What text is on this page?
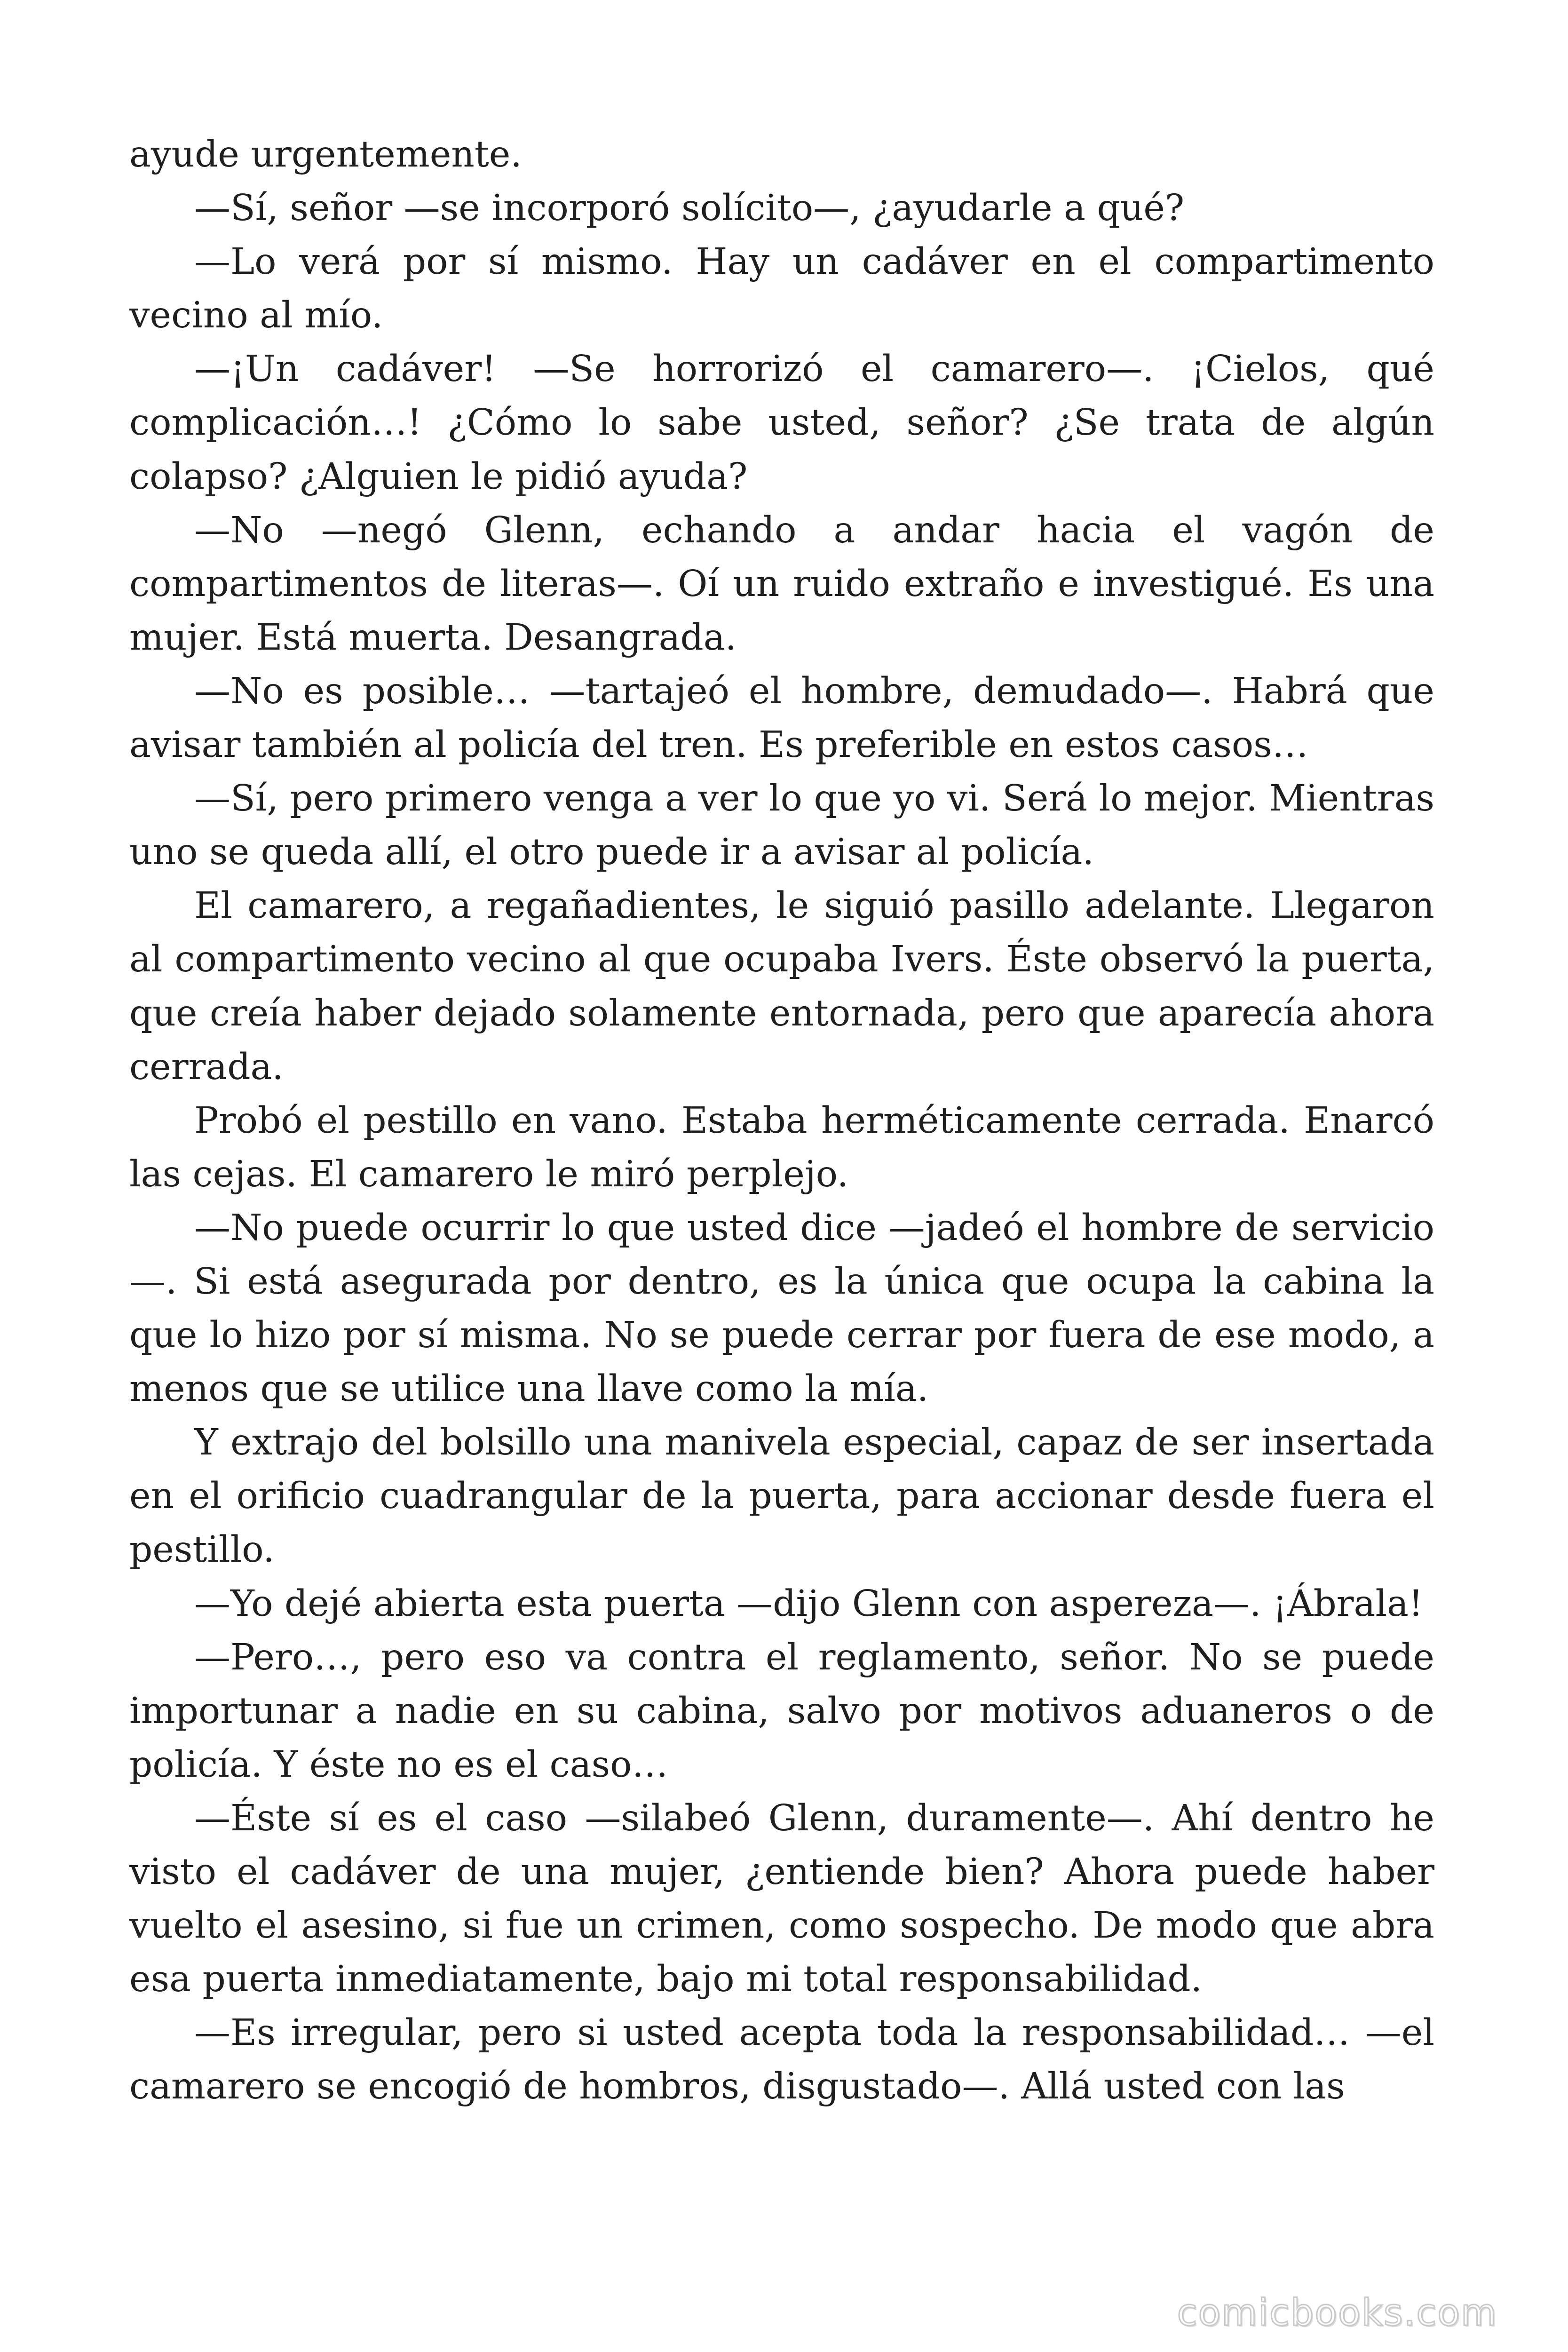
ayude urgentemente.

—Sí, señor —se incorporó solícito—, ¿ayudarle a qué?

—Lo verá por sí mismo. Hay un cadáver en el compartimento vecino al mío.

—¡Un cadáver! —Se horrorizó el camarero—. ¡Cielos, qué complicación…! ¿Cómo lo sabe usted, señor? ¿Se trata de algún colapso? ¿Alguien le pidió ayuda?

—No —negó Glenn, echando a andar hacia el vagón de compartimentos de literas—. Oí un ruido extraño e investigué. Es una mujer. Está muerta. Desangrada.

—No es posible… —tartajeó el hombre, demudado—. Habrá que avisar también al policía del tren. Es preferible en estos casos…

—Sí, pero primero venga a ver lo que yo vi. Será lo mejor. Mientras uno se queda allí, el otro puede ir a avisar al policía.

El camarero, a regañadientes, le siguió pasillo adelante. Llegaron al compartimento vecino al que ocupaba Ivers. Éste observó la puerta, que creía haber dejado solamente entornada, pero que aparecía ahora cerrada.

Probó el pestillo en vano. Estaba herméticamente cerrada. Enarcó las cejas. El camarero le miró perplejo.

—No puede ocurrir lo que usted dice —jadeó el hombre de servicio—. Si está asegurada por dentro, es la única que ocupa la cabina la que lo hizo por sí misma. No se puede cerrar por fuera de ese modo, a menos que se utilice una llave como la mía.

Y extrajo del bolsillo una manivela especial, capaz de ser insertada en el orificio cuadrangular de la puerta, para accionar desde fuera el pestillo.

—Yo dejé abierta esta puerta —dijo Glenn con aspereza—. ¡Ábrala!

—Pero…, pero eso va contra el reglamento, señor. No se puede importunar a nadie en su cabina, salvo por motivos aduaneros o de policía. Y éste no es el caso…

—Éste sí es el caso —silabeó Glenn, duramente—. Ahí dentro he visto el cadáver de una mujer, ¿entiende bien? Ahora puede haber vuelto el asesino, si fue un crimen, como sospecho. De modo que abra esa puerta inmediatamente, bajo mi total responsabilidad.

—Es irregular, pero si usted acepta toda la responsabilidad… —el camarero se encogió de hombros, disgustado—. Allá usted con las

comicbooks.com
